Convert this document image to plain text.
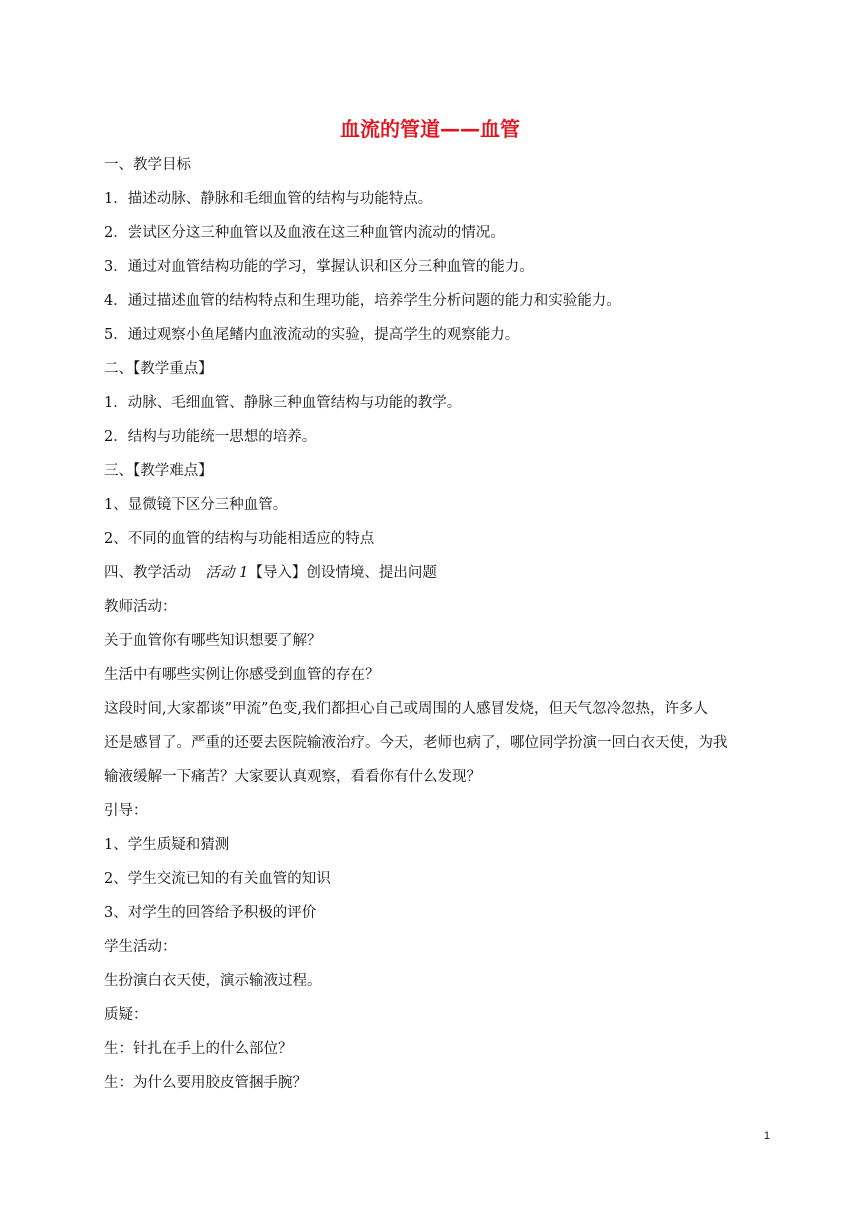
血流的管道——血管
一、教学目标
1．描述动脉、静脉和毛细血管的结构与功能特点。
2．尝试区分这三种血管以及血液在这三种血管内流动的情况。
3．通过对血管结构功能的学习，掌握认识和区分三种血管的能力。
4．通过描述血管的结构特点和生理功能，培养学生分析问题的能力和实验能力。
5．通过观察小鱼尾鳍内血液流动的实验，提高学生的观察能力。
二、【教学重点】
1．动脉、毛细血管、静脉三种血管结构与功能的教学。
2．结构与功能统一思想的培养。
三、【教学难点】
1、显微镜下区分三种血管。
2、不同的血管的结构与功能相适应的特点
四、教学活动　活动 1【导入】创设情境、提出问题
教师活动：
关于血管你有哪些知识想要了解？
生活中有哪些实例让你感受到血管的存在？
这段时间,大家都谈”甲流”色变,我们都担心自己或周围的人感冒发烧，但天气忽冷忽热，许多人
还是感冒了。严重的还要去医院输液治疗。今天，老师也病了，哪位同学扮演一回白衣天使，为我
输液缓解一下痛苦？大家要认真观察，看看你有什么发现？
引导：
1、学生质疑和猜测
2、学生交流已知的有关血管的知识
3、对学生的回答给予积极的评价
学生活动：
生扮演白衣天使，演示输液过程。
质疑：
生：针扎在手上的什么部位？
生：为什么要用胶皮管捆手腕？
1
